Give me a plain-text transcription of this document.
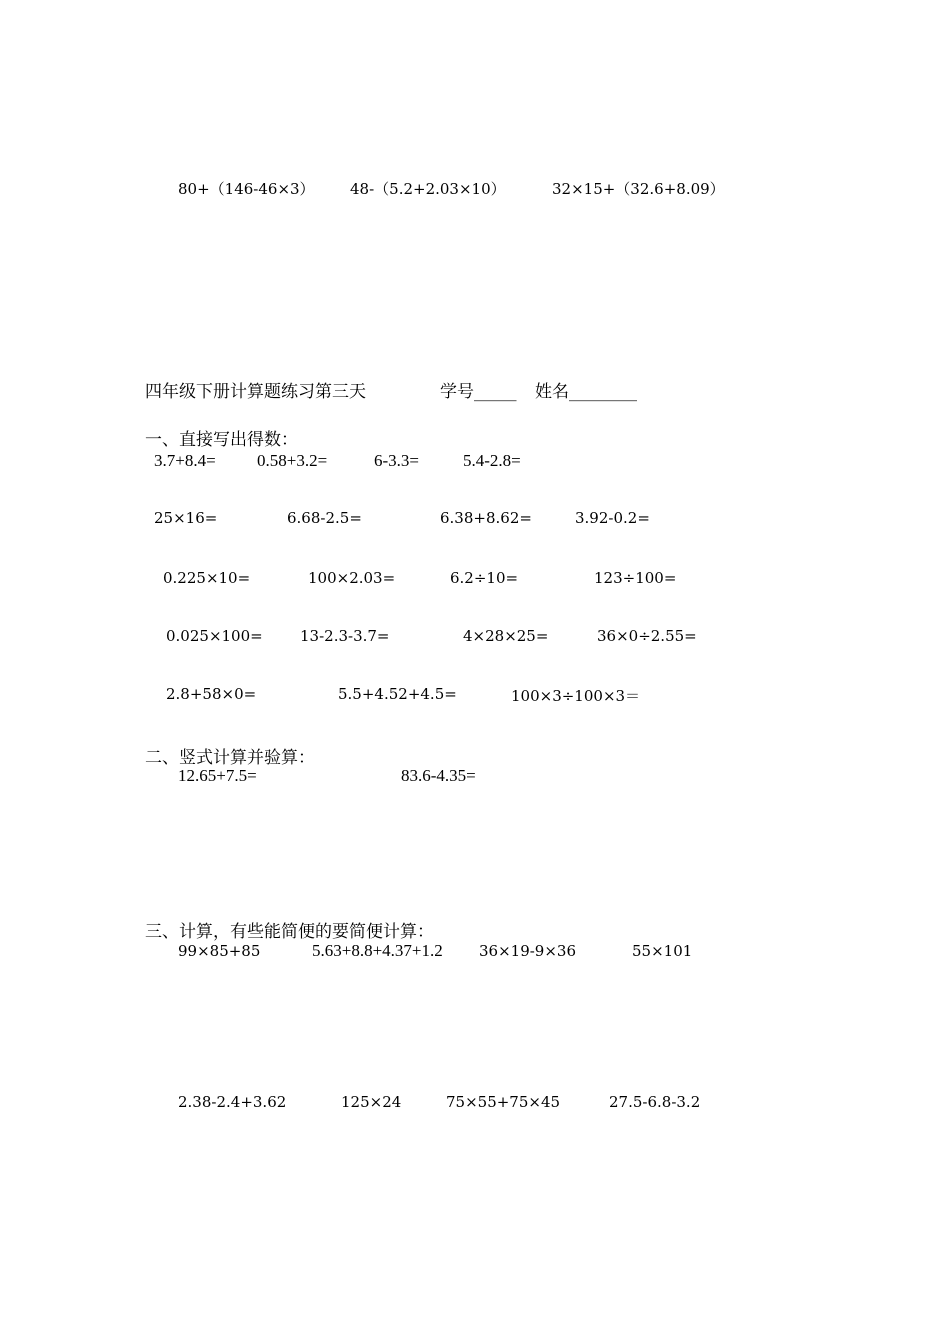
80+（146-46×3） 48-（5.2+2.03×10）	32×15+（32.6+8.09）
四年级下册计算题练习第三天	学号_____ 姓名________
一、直接写出得数：
3.7+8.4= 0.58+3.2=	6-3.3=	5.4-2.8=
25×16=	6.68-2.5=	6.38+8.62=	3.92-0.2=
0.225×10=	100×2.03=	6.2÷10=	123÷100=
0.025×100= 13-2.3-3.7=	4×28×25=	36×0÷2.55=
2.8+58×0=	5.5+4.52+4.5=	100×3÷100×3＝
二、竖式计算并验算：
12.65+7.5=	83.6-4.35=
三、计算，有些能简便的要简便计算：
99×85+85	5.63+8.8+4.37+1.2 36×19-9×36	55×101
2.38-2.4+3.62	125×24	75×55+75×45	27.5-6.8-3.2
